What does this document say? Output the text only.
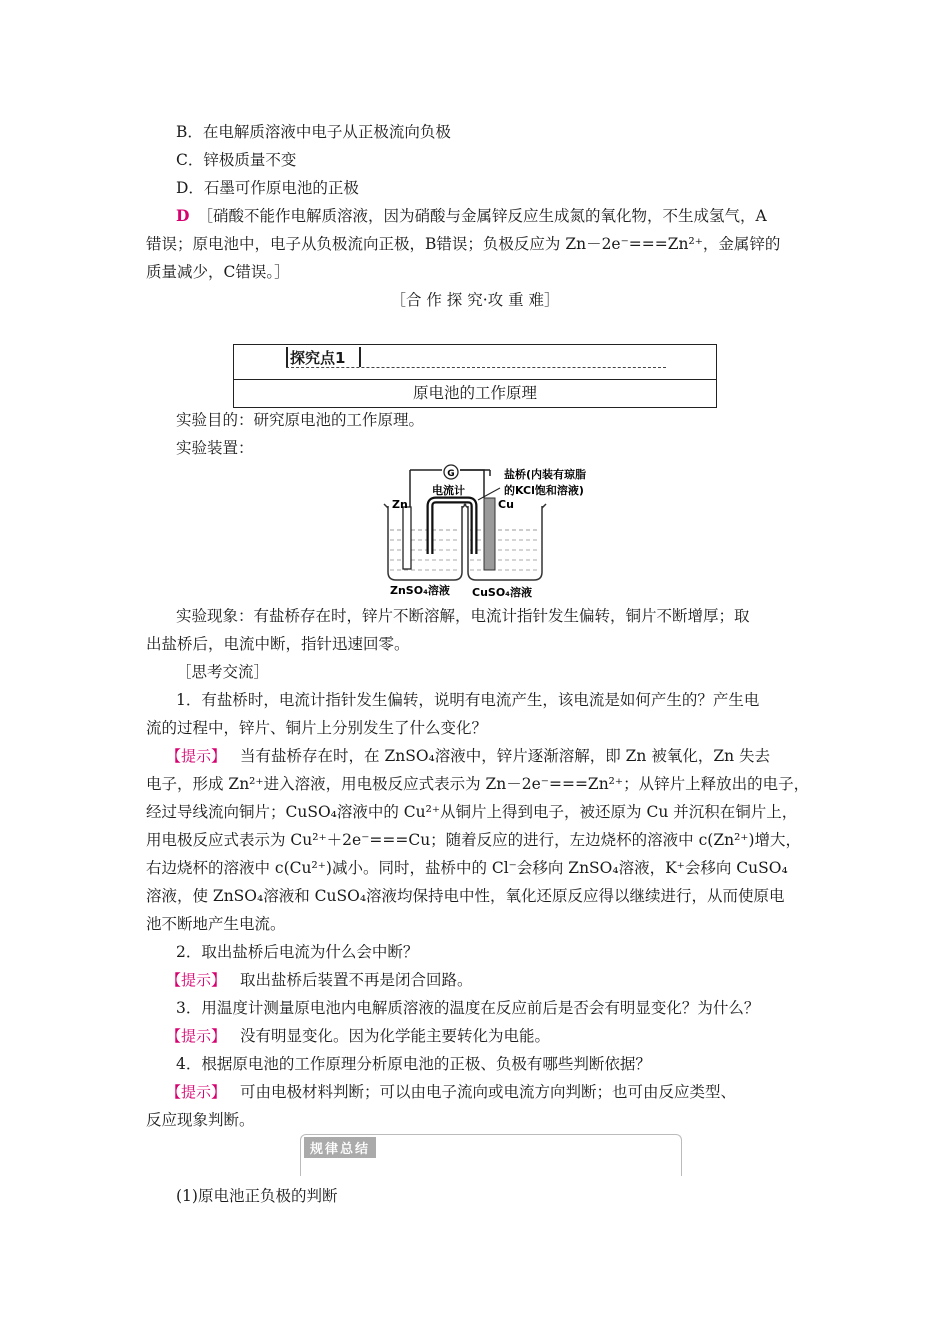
B．在电解质溶液中电子从正极流向负极
C．锌极质量不变
D．石墨可作原电池的正极
D ［硝酸不能作电解质溶液，因为硝酸与金属锌反应生成氮的氧化物，不生成氢气，A
错误；原电池中，电子从负极流向正极，B错误；负极反应为 Zn－2e⁻===Zn²⁺，金属锌的
质量减少，C错误。］
［合 作 探 究·攻 重 难］
探究点1
原电池的工作原理
实验目的：研究原电池的工作原理。
实验装置：
G
电流计
Zn	Cu
盐桥(内装有琼脂
的KCl饱和溶液)
ZnSO₄溶液 CuSO₄溶液
实验现象：有盐桥存在时，锌片不断溶解，电流计指针发生偏转，铜片不断增厚；取
出盐桥后，电流中断，指针迅速回零。
［思考交流］
1．有盐桥时，电流计指针发生偏转，说明有电流产生，该电流是如何产生的？产生电
流的过程中，锌片、铜片上分别发生了什么变化？
【提示】 当有盐桥存在时，在 ZnSO₄溶液中，锌片逐渐溶解，即 Zn 被氧化，Zn 失去
电子，形成 Zn²⁺进入溶液，用电极反应式表示为 Zn－2e⁻===Zn²⁺；从锌片上释放出的电子，
经过导线流向铜片；CuSO₄溶液中的 Cu²⁺从铜片上得到电子，被还原为 Cu 并沉积在铜片上，
用电极反应式表示为 Cu²⁺＋2e⁻===Cu；随着反应的进行，左边烧杯的溶液中 c(Zn²⁺)增大，
右边烧杯的溶液中 c(Cu²⁺)减小。同时，盐桥中的 Cl⁻会移向 ZnSO₄溶液，K⁺会移向 CuSO₄
溶液，使 ZnSO₄溶液和 CuSO₄溶液均保持电中性，氧化还原反应得以继续进行，从而使原电
池不断地产生电流。
2．取出盐桥后电流为什么会中断？
【提示】 取出盐桥后装置不再是闭合回路。
3．用温度计测量原电池内电解质溶液的温度在反应前后是否会有明显变化？为什么？
【提示】 没有明显变化。因为化学能主要转化为电能。
4．根据原电池的工作原理分析原电池的正极、负极有哪些判断依据？
【提示】 可由电极材料判断；可以由电子流向或电流方向判断；也可由反应类型、
反应现象判断。
规律总结
(1)原电池正负极的判断
